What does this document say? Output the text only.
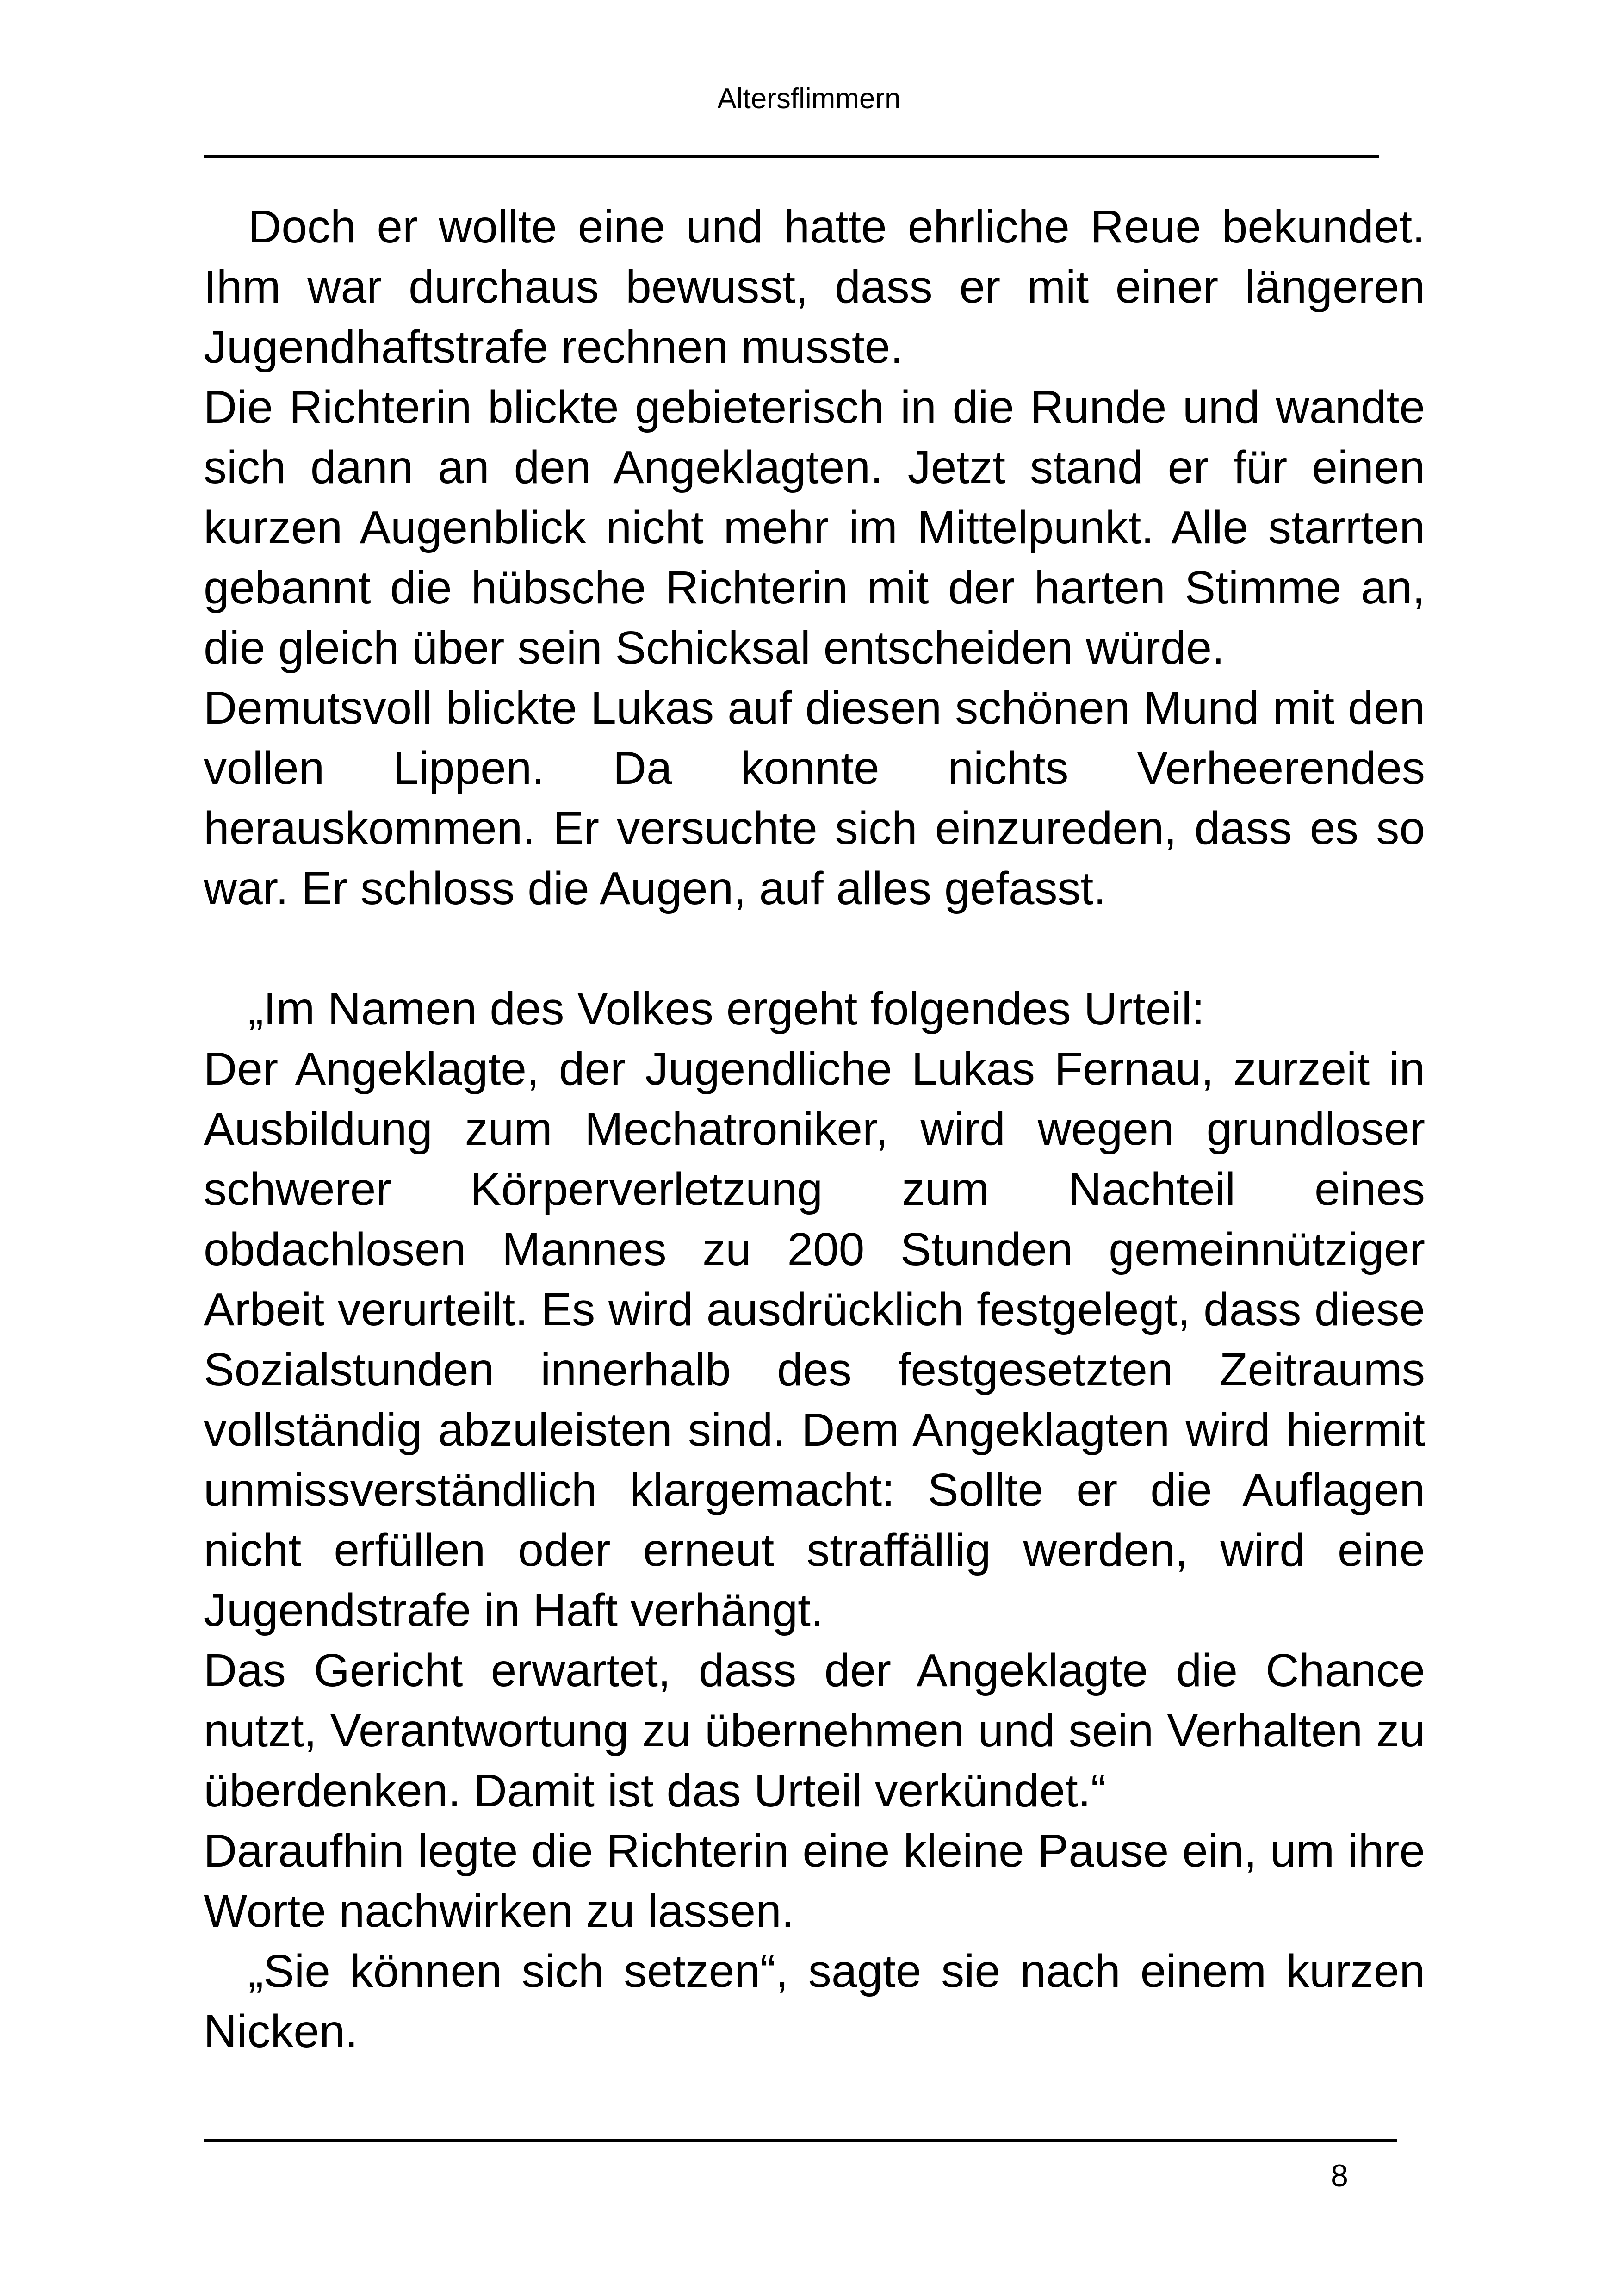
Altersflimmern

Doch er wollte eine und hatte ehrliche Reue bekundet. Ihm war durchaus bewusst, dass er mit einer längeren Jugendhaftstrafe rechnen musste.

Die Richterin blickte gebieterisch in die Runde und wandte sich dann an den Angeklagten. Jetzt stand er für einen kurzen Augenblick nicht mehr im Mittelpunkt. Alle starrten gebannt die hübsche Richterin mit der harten Stimme an, die gleich über sein Schicksal entscheiden würde.

Demutsvoll blickte Lukas auf diesen schönen Mund mit den vollen Lippen. Da konnte nichts Verheerendes herauskommen. Er versuchte sich einzureden, dass es so war. Er schloss die Augen, auf alles gefasst.

„Im Namen des Volkes ergeht folgendes Urteil:

Der Angeklagte, der Jugendliche Lukas Fernau, zurzeit in Ausbildung zum Mechatroniker, wird wegen grundloser schwerer Körperverletzung zum Nachteil eines obdachlosen Mannes zu 200 Stunden gemeinnütziger Arbeit verurteilt. Es wird ausdrücklich festgelegt, dass diese Sozialstunden innerhalb des festgesetzten Zeitraums vollständig abzuleisten sind. Dem Angeklagten wird hiermit unmissverständlich klargemacht: Sollte er die Auflagen nicht erfüllen oder erneut straffällig werden, wird eine Jugendstrafe in Haft verhängt.

Das Gericht erwartet, dass der Angeklagte die Chance nutzt, Verantwortung zu übernehmen und sein Verhalten zu überdenken. Damit ist das Urteil verkündet.“

Daraufhin legte die Richterin eine kleine Pause ein, um ihre Worte nachwirken zu lassen.

„Sie können sich setzen“, sagte sie nach einem kurzen Nicken.

8
